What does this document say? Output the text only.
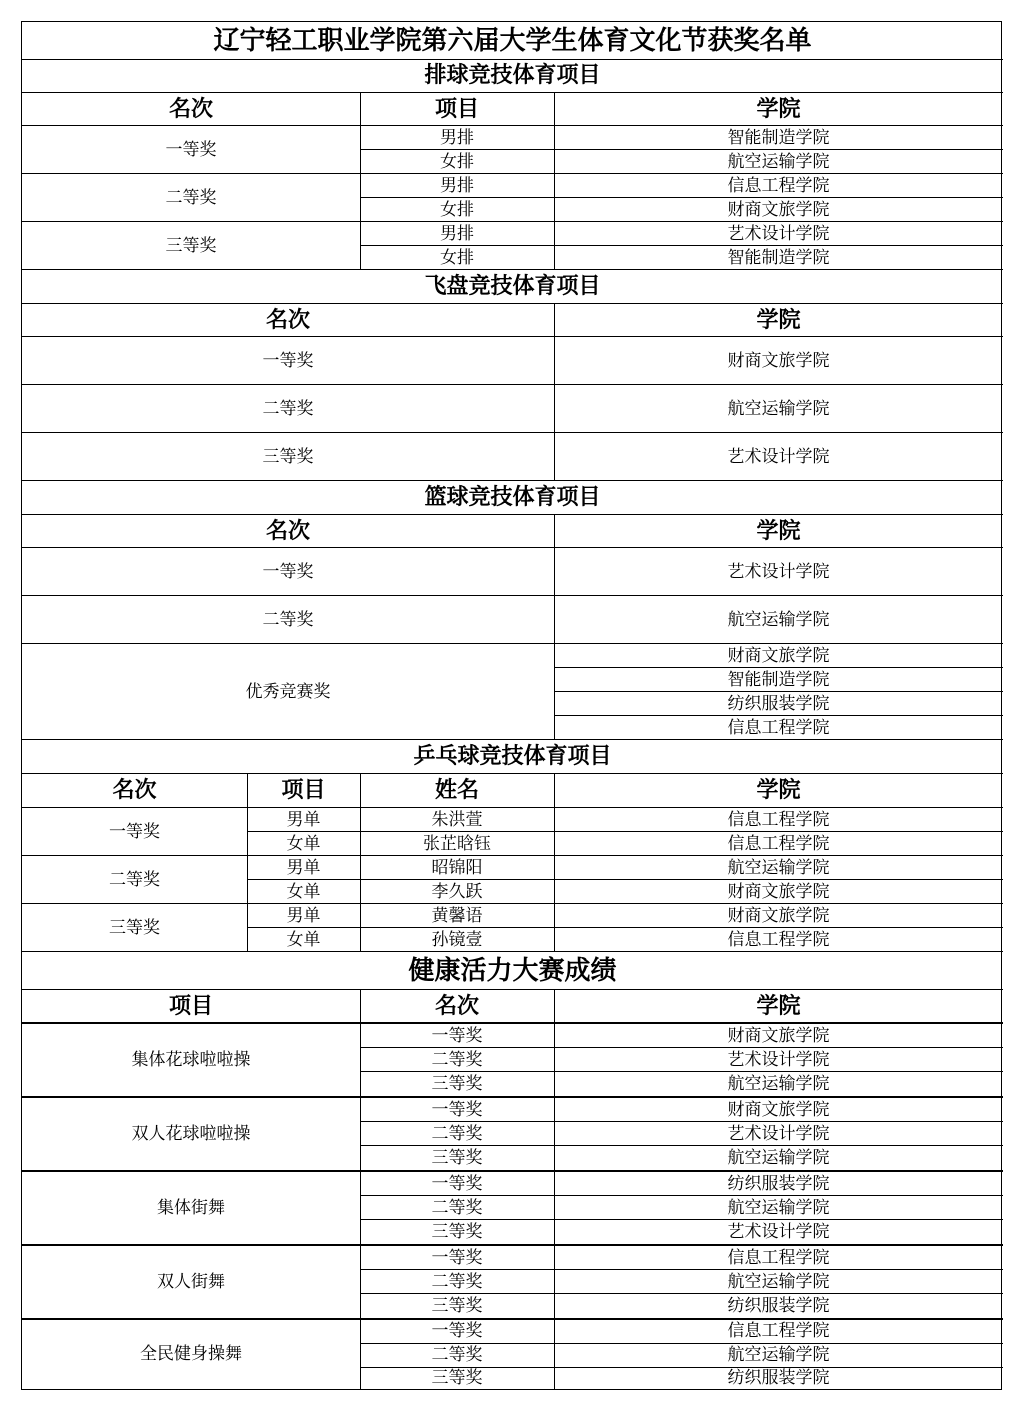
辽宁轻工职业学院第六届大学生体育文化节获奖名单
排球竞技体育项目
名次	项目	学院
一等奖
男排	智能制造学院
女排	航空运输学院
二等奖
男排	信息工程学院
女排	财商文旅学院
三等奖
男排	艺术设计学院
女排	智能制造学院
飞盘竞技体育项目
名次	学院
一等奖	财商文旅学院
二等奖	航空运输学院
三等奖	艺术设计学院
篮球竞技体育项目
名次	学院
一等奖	艺术设计学院
二等奖	航空运输学院
优秀竞赛奖
财商文旅学院
智能制造学院
纺织服装学院
信息工程学院
乒乓球竞技体育项目
名次	项目	姓名	学院
一等奖
男单	朱洪萱	信息工程学院
女单	张芷晗钰	信息工程学院
二等奖
男单	昭锦阳	航空运输学院
女单	李久跃	财商文旅学院
三等奖
男单	黄馨语	财商文旅学院
女单	孙镜壹	信息工程学院
健康活力大赛成绩
项目	名次	学院
集体花球啦啦操
一等奖	财商文旅学院
二等奖	艺术设计学院
三等奖	航空运输学院
双人花球啦啦操
一等奖	财商文旅学院
二等奖	艺术设计学院
三等奖	航空运输学院
集体街舞
一等奖	纺织服装学院
二等奖	航空运输学院
三等奖	艺术设计学院
双人街舞
一等奖	信息工程学院
二等奖	航空运输学院
三等奖	纺织服装学院
全民健身操舞
一等奖	信息工程学院
二等奖	航空运输学院
三等奖	纺织服装学院
